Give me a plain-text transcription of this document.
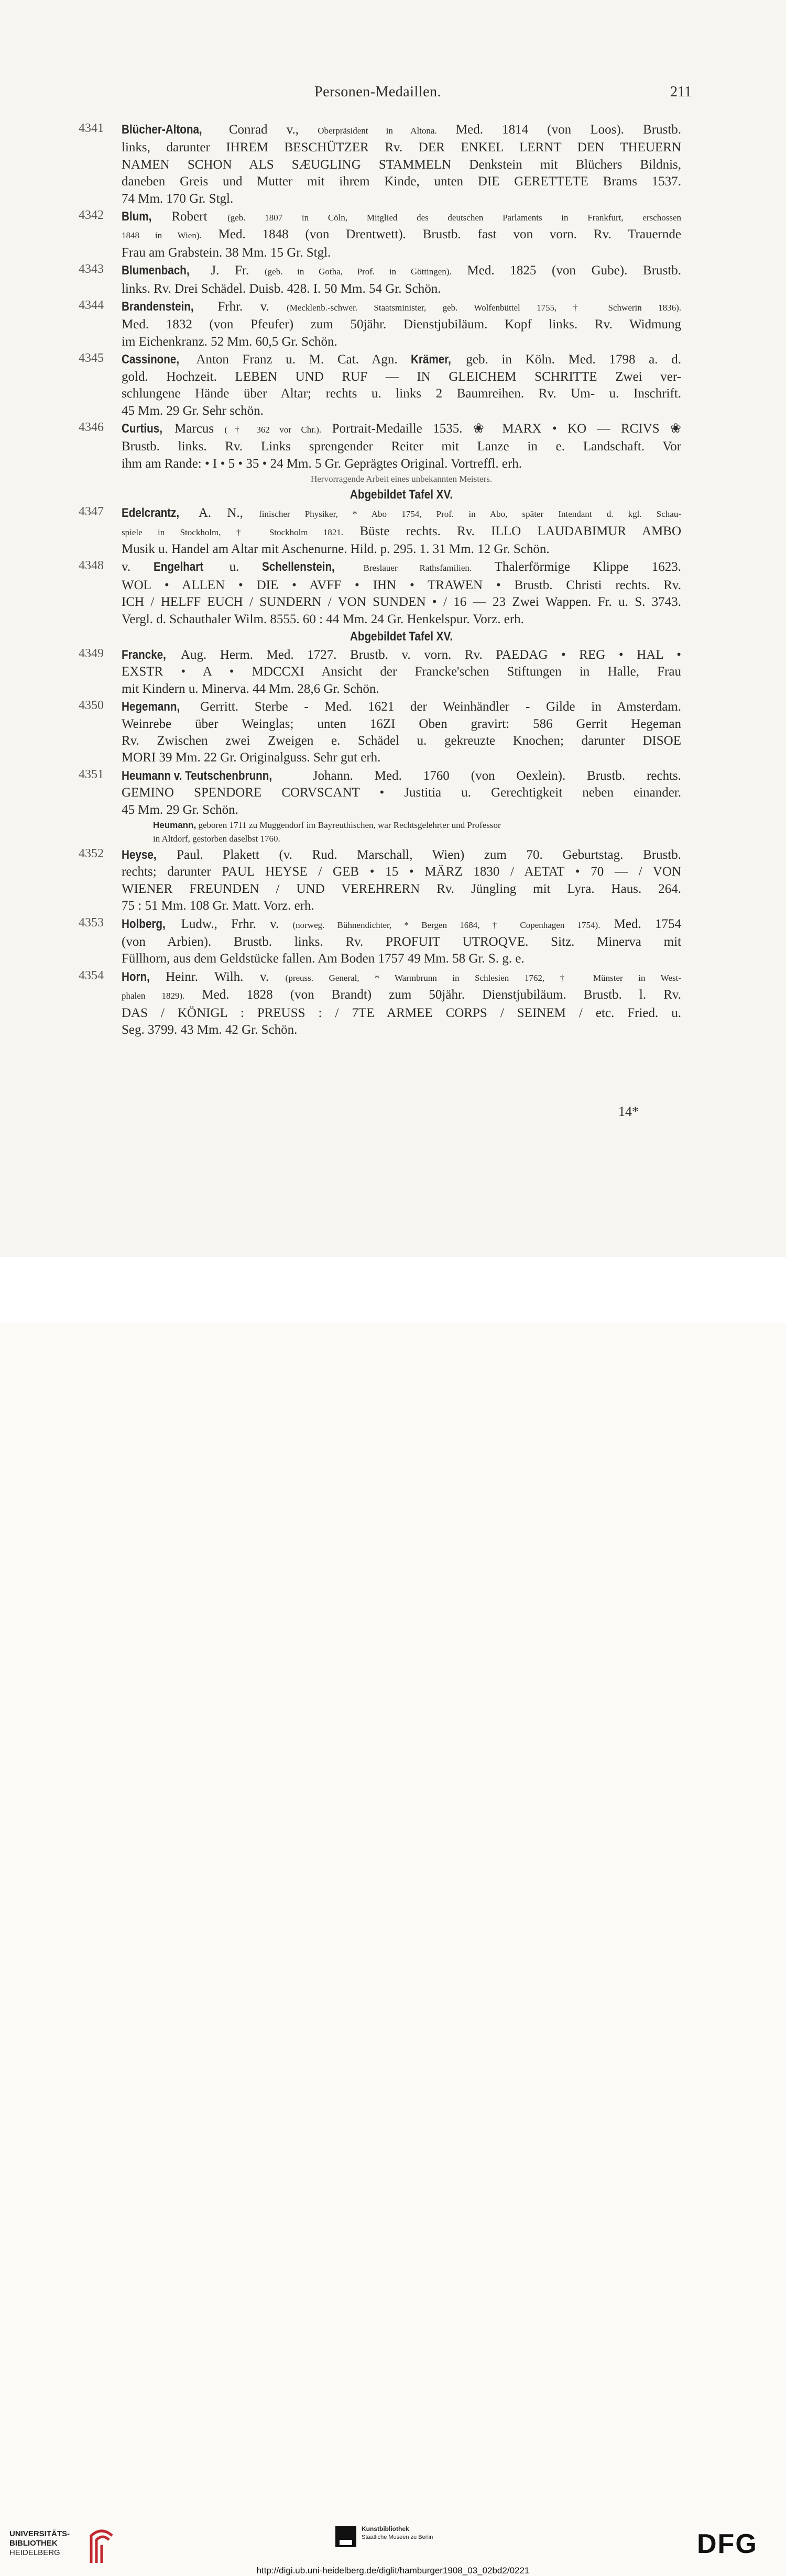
Personen-Medaillen.	211
4341 Blücher-Altona, Conrad v., Oberpräsident in Altona. Med. 1814 (von Loos). Brustb.
links, darunter IHREM BESCHÜTZER Rv. DER ENKEL LERNT DEN THEUERN
NAMEN SCHON ALS SÆUGLING STAMMELN Denkstein mit Blüchers Bildnis,
daneben Greis und Mutter mit ihrem Kinde, unten DIE GERETTETE Brams 1537.
74 Mm. 170 Gr. Stgl.
4342 Blum, Robert (geb. 1807 in Cöln, Mitglied des deutschen Parlaments in Frankfurt, erschossen
1848 in Wien). Med. 1848 (von Drentwett). Brustb. fast von vorn. Rv. Trauernde
Frau am Grabstein. 38 Mm. 15 Gr. Stgl.
4343 Blumenbach, J. Fr. (geb. in Gotha, Prof. in Göttingen). Med. 1825 (von Gube). Brustb.
links. Rv. Drei Schädel. Duisb. 428. I. 50 Mm. 54 Gr. Schön.
4344 Brandenstein, Frhr. v. (Mecklenb.-schwer. Staatsminister, geb. Wolfenbüttel 1755, † Schwerin 1836).
Med. 1832 (von Pfeufer) zum 50jähr. Dienstjubiläum. Kopf links. Rv. Widmung
im Eichenkranz. 52 Mm. 60,5 Gr. Schön.
4345 Cassinone, Anton Franz u. M. Cat. Agn. Krämer, geb. in Köln. Med. 1798 a. d.
gold. Hochzeit. LEBEN UND RUF — IN GLEICHEM SCHRITTE Zwei ver-
schlungene Hände über Altar; rechts u. links 2 Baumreihen. Rv. Um- u. Inschrift.
45 Mm. 29 Gr. Sehr schön.
4346 Curtius, Marcus († 362 vor Chr.). Portrait-Medaille 1535. ❀ MARX • KO — RCIVS ❀
Brustb. links. Rv. Links sprengender Reiter mit Lanze in e. Landschaft. Vor
ihm am Rande: • I • 5 • 35 • 24 Mm. 5 Gr. Geprägtes Original. Vortreffl. erh.
Hervorragende Arbeit eines unbekannten Meisters.
Abgebildet Tafel XV.
4347 Edelcrantz, A. N., finischer Physiker, * Abo 1754, Prof. in Abo, später Intendant d. kgl. Schau-
spiele in Stockholm, † Stockholm 1821. Büste rechts. Rv. ILLO LAUDABIMUR AMBO
Musik u. Handel am Altar mit Aschenurne. Hild. p. 295. 1. 31 Mm. 12 Gr. Schön.
4348 v. Engelhart u. Schellenstein, Breslauer Rathsfamilien. Thalerförmige Klippe 1623.
WOL • ALLEN • DIE • AVFF • IHN • TRAWEN • Brustb. Christi rechts. Rv.
ICH / HELFF EUCH / SUNDERN / VON SUNDEN • / 16 — 23 Zwei Wappen. Fr. u. S. 3743.
Vergl. d. Schauthaler Wilm. 8555. 60 : 44 Mm. 24 Gr. Henkelspur. Vorz. erh.
Abgebildet Tafel XV.
4349 Francke, Aug. Herm. Med. 1727. Brustb. v. vorn. Rv. PAEDAG • REG • HAL •
EXSTR • A • MDCCXI Ansicht der Francke'schen Stiftungen in Halle, Frau
mit Kindern u. Minerva. 44 Mm. 28,6 Gr. Schön.
4350 Hegemann, Gerritt. Sterbe - Med. 1621 der Weinhändler - Gilde in Amsterdam.
Weinrebe über Weinglas; unten 16ZI Oben gravirt: 586 Gerrit Hegeman
Rv. Zwischen zwei Zweigen e. Schädel u. gekreuzte Knochen; darunter DISOE
MORI 39 Mm. 22 Gr. Originalguss. Sehr gut erh.
4351 Heumann v. Teutschenbrunn, Johann. Med. 1760 (von Oexlein). Brustb. rechts.
GEMINO SPENDORE CORVSCANT • Justitia u. Gerechtigkeit neben einander.
45 Mm. 29 Gr. Schön.
Heumann, geboren 1711 zu Muggendorf im Bayreuthischen, war Rechtsgelehrter und Professor
in Altdorf, gestorben daselbst 1760.
4352 Heyse, Paul. Plakett (v. Rud. Marschall, Wien) zum 70. Geburtstag. Brustb.
rechts; darunter PAUL HEYSE / GEB • 15 • MÄRZ 1830 / AETAT • 70 — / VON
WIENER FREUNDEN / UND VEREHRERN Rv. Jüngling mit Lyra. Haus. 264.
75 : 51 Mm. 108 Gr. Matt. Vorz. erh.
4353 Holberg, Ludw., Frhr. v. (norweg. Bühnendichter, * Bergen 1684, † Copenhagen 1754). Med. 1754
(von Arbien). Brustb. links. Rv. PROFUIT UTROQVE. Sitz. Minerva mit
Füllhorn, aus dem Geldstücke fallen. Am Boden 1757 49 Mm. 58 Gr. S. g. e.
4354 Horn, Heinr. Wilh. v. (preuss. General, * Warmbrunn in Schlesien 1762, † Münster in West-
phalen 1829). Med. 1828 (von Brandt) zum 50jähr. Dienstjubiläum. Brustb. l. Rv.
DAS / KÖNIGL : PREUSS : / 7TE ARMEE CORPS / SEINEM / etc. Fried. u.
Seg. 3799. 43 Mm. 42 Gr. Schön.
14*
UNIVERSITÄTS-
BIBLIOTHEK
HEIDELBERG
Kunstbibliothek
Staatliche Museen zu Berlin	DFG
http://digi.ub.uni-heidelberg.de/diglit/hamburger1908_03_02bd2/0221
